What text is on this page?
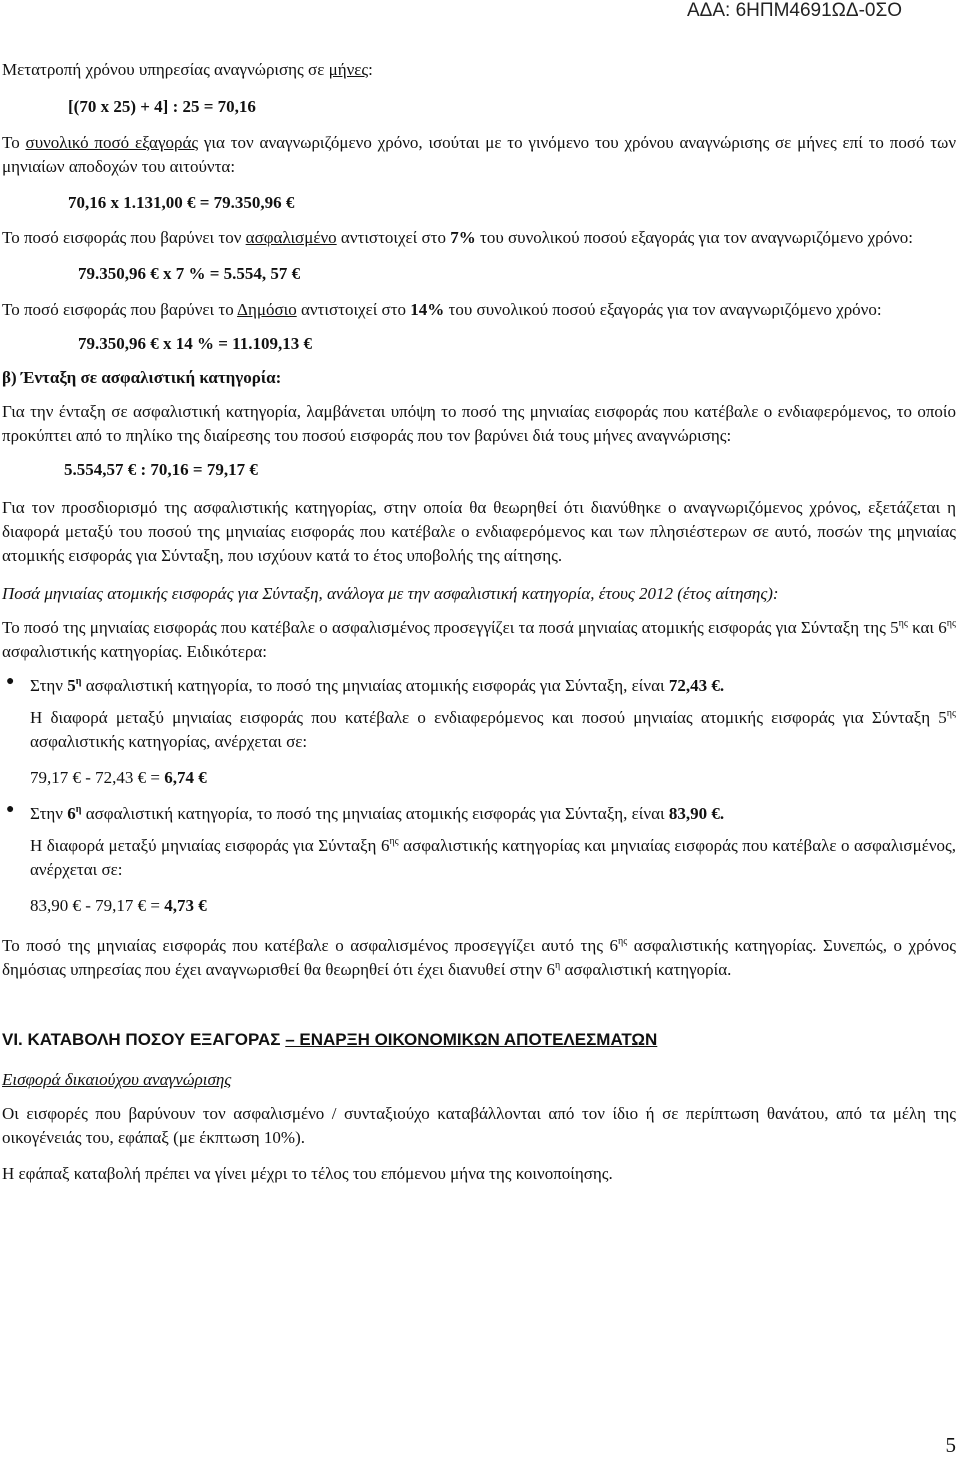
ΑΔΑ: 6ΗΠΜ4691ΩΔ-0ΣΟ

Μετατροπή χρόνου υπηρεσίας αναγνώρισης σε μήνες:

[(70 x 25) + 4] : 25 = 70,16

Το συνολικό ποσό εξαγοράς για τον αναγνωριζόμενο χρόνο, ισούται με το γινόμενο του χρόνου αναγνώρισης σε μήνες επί το ποσό των μηνιαίων αποδοχών του αιτούντα:

70,16 x 1.131,00 € = 79.350,96 €

Το ποσό εισφοράς που βαρύνει τον ασφαλισμένο αντιστοιχεί στο 7% του συνολικού ποσού εξαγοράς για τον αναγνωριζόμενο χρόνο:

79.350,96 € x 7 % = 5.554, 57 €

Το ποσό εισφοράς που βαρύνει το Δημόσιο αντιστοιχεί στο 14% του συνολικού ποσού εξαγοράς για τον αναγνωριζόμενο χρόνο:

79.350,96 € x 14 % = 11.109,13 €

β) Ένταξη σε ασφαλιστική κατηγορία:

Για την ένταξη σε ασφαλιστική κατηγορία, λαμβάνεται υπόψη το ποσό της μηνιαίας εισφοράς που κατέβαλε ο ενδιαφερόμενος, το οποίο προκύπτει από το πηλίκο της διαίρεσης του ποσού εισφοράς που τον βαρύνει διά τους μήνες αναγνώρισης:

5.554,57 € : 70,16 = 79,17 €

Για τον προσδιορισμό της ασφαλιστικής κατηγορίας, στην οποία θα θεωρηθεί ότι διανύθηκε ο αναγνωριζόμενος χρόνος, εξετάζεται η διαφορά μεταξύ του ποσού της μηνιαίας εισφοράς που κατέβαλε ο ενδιαφερόμενος και των πλησιέστερων σε αυτό, ποσών της μηνιαίας ατομικής εισφοράς για Σύνταξη, που ισχύουν κατά το έτος υποβολής της αίτησης.

Ποσά μηνιαίας ατομικής εισφοράς για Σύνταξη, ανάλογα με την ασφαλιστική κατηγορία, έτους 2012 (έτος αίτησης):

Το ποσό της μηνιαίας εισφοράς που κατέβαλε ο ασφαλισμένος προσεγγίζει τα ποσά μηνιαίας ατομικής εισφοράς για Σύνταξη της $5^{\eta\varsigma}$ και $6^{\eta\varsigma}$ ασφαλιστικής κατηγορίας. Ειδικότερα:

● Στην $5^\eta$ ασφαλιστική κατηγορία, το ποσό της μηνιαίας ατομικής εισφοράς για Σύνταξη, είναι 72,43 €.

Η διαφορά μεταξύ μηνιαίας εισφοράς που κατέβαλε ο ενδιαφερόμενος και ποσού μηνιαίας ατομικής εισφοράς για Σύνταξη $5^{\eta\varsigma}$ ασφαλιστικής κατηγορίας, ανέρχεται σε:

79,17 € - 72,43 € = 6,74 €

● Στην $6^\eta$ ασφαλιστική κατηγορία, το ποσό της μηνιαίας ατομικής εισφοράς για Σύνταξη, είναι 83,90 €.

Η διαφορά μεταξύ μηνιαίας εισφοράς για Σύνταξη $6^{\eta\varsigma}$ ασφαλιστικής κατηγορίας και μηνιαίας εισφοράς που κατέβαλε ο ασφαλισμένος, ανέρχεται σε:

83,90 € - 79,17 € = 4,73 €

Το ποσό της μηνιαίας εισφοράς που κατέβαλε ο ασφαλισμένος προσεγγίζει αυτό της $6^{\eta\varsigma}$ ασφαλιστικής κατηγορίας. Συνεπώς, ο χρόνος δημόσιας υπηρεσίας που έχει αναγνωρισθεί θα θεωρηθεί ότι έχει διανυθεί στην $6^\eta$ ασφαλιστική κατηγορία.

VI. ΚΑΤΑΒΟΛΗ ΠΟΣΟΥ ΕΞΑΓΟΡΑΣ – ΕΝΑΡΞΗ ΟΙΚΟΝΟΜΙΚΩΝ ΑΠΟΤΕΛΕΣΜΑΤΩΝ

Εισφορά δικαιούχου αναγνώρισης

Οι εισφορές που βαρύνουν τον ασφαλισμένο / συνταξιούχο καταβάλλονται από τον ίδιο ή σε περίπτωση θανάτου, από τα μέλη της οικογένειάς του, εφάπαξ (με έκπτωση 10%).

Η εφάπαξ καταβολή πρέπει να γίνει μέχρι το τέλος του επόμενου μήνα της κοινοποίησης.

5
